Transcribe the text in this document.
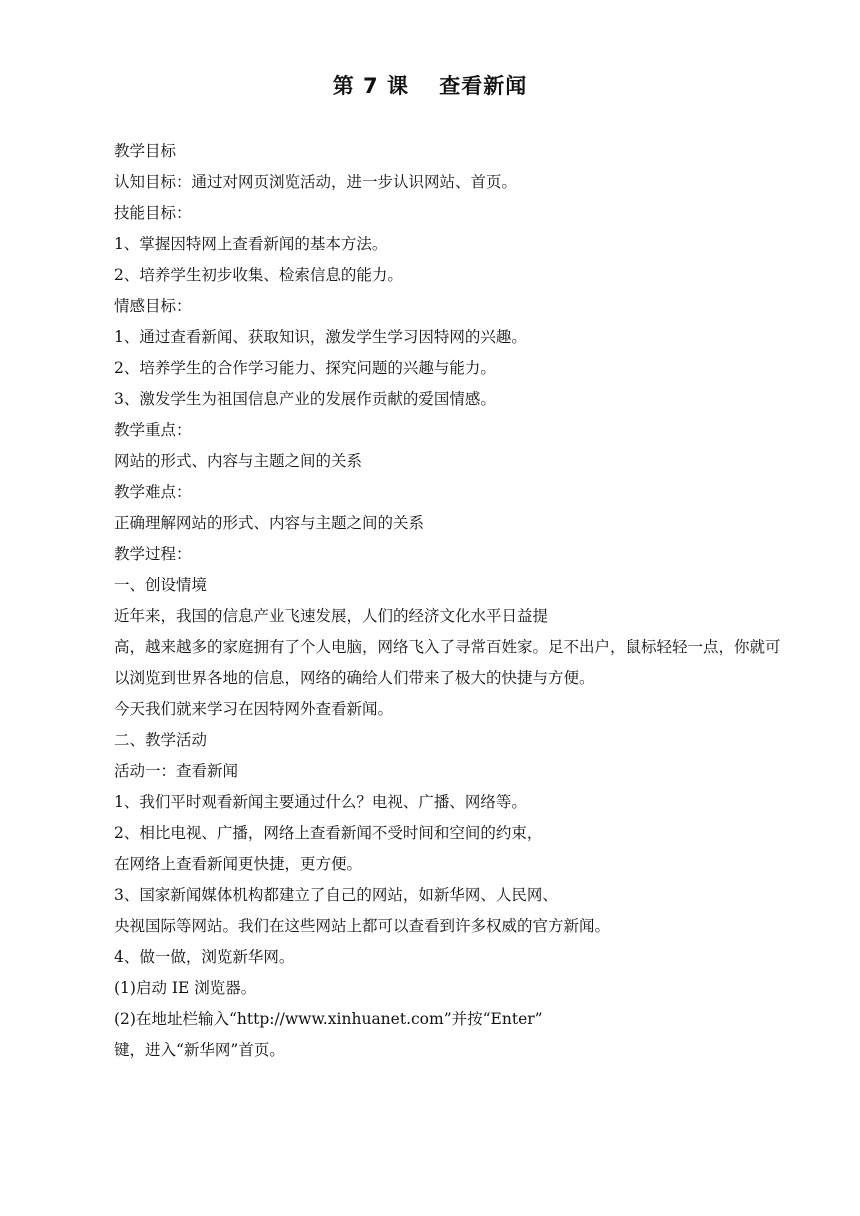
第 7 课　 查看新闻

教学目标

认知目标：通过对网页浏览活动，进一步认识网站、首页。

技能目标：

1、掌握因特网上查看新闻的基本方法。

2、培养学生初步收集、检索信息的能力。

情感目标：

1、通过查看新闻、获取知识，激发学生学习因特网的兴趣。

2、培养学生的合作学习能力、探究问题的兴趣与能力。

3、激发学生为祖国信息产业的发展作贡献的爱国情感。

教学重点：

网站的形式、内容与主题之间的关系

教学难点：

正确理解网站的形式、内容与主题之间的关系

教学过程：

一、创设情境

近年来，我国的信息产业飞速发展，人们的经济文化水平日益提

高，越来越多的家庭拥有了个人电脑，网络飞入了寻常百姓家。足不出户，鼠标轻轻一点，你就可以浏览到世界各地的信息，网络的确给人们带来了极大的快捷与方便。

今天我们就来学习在因特网外查看新闻。

二、教学活动

活动一：查看新闻

1、我们平时观看新闻主要通过什么？电视、广播、网络等。

2、相比电视、广播，网络上查看新闻不受时间和空间的约束，

在网络上查看新闻更快捷，更方便。

3、国家新闻媒体机构都建立了自己的网站，如新华网、人民网、

央视国际等网站。我们在这些网站上都可以查看到许多权威的官方新闻。

4、做一做，浏览新华网。

(1)启动 IE 浏览器。

(2)在地址栏输入“http://www.xinhuanet.com”并按“Enter”

键，进入“新华网”首页。
